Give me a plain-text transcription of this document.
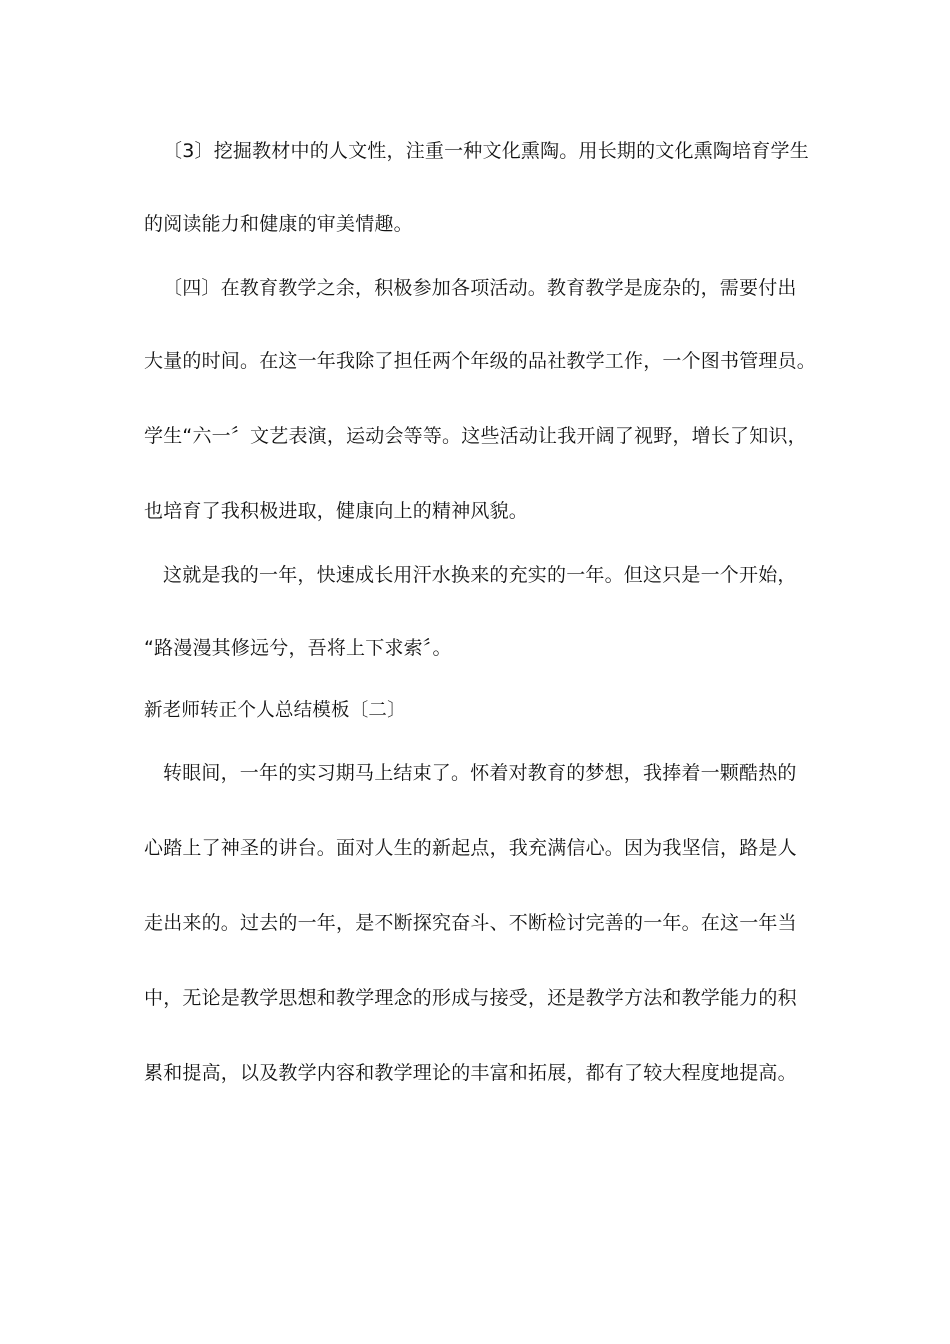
〔3〕挖掘教材中的人文性，注重一种文化熏陶。用长期的文化熏陶培育学生
的阅读能力和健康的审美情趣。
〔四〕在教育教学之余，积极参加各项活动。教育教学是庞杂的，需要付出
大量的时间。在这一年我除了担任两个年级的品社教学工作，一个图书管理员。
学生“六一〞文艺表演，运动会等等。这些活动让我开阔了视野，增长了知识，
也培育了我积极进取，健康向上的精神风貌。
这就是我的一年，快速成长用汗水换来的充实的一年。但这只是一个开始，
“路漫漫其修远兮，吾将上下求索〞。
新老师转正个人总结模板〔二〕
转眼间，一年的实习期马上结束了。怀着对教育的梦想，我捧着一颗酷热的
心踏上了神圣的讲台。面对人生的新起点，我充满信心。因为我坚信，路是人
走出来的。过去的一年，是不断探究奋斗、不断检讨完善的一年。在这一年当
中，无论是教学思想和教学理念的形成与接受，还是教学方法和教学能力的积
累和提高，以及教学内容和教学理论的丰富和拓展，都有了较大程度地提高。
